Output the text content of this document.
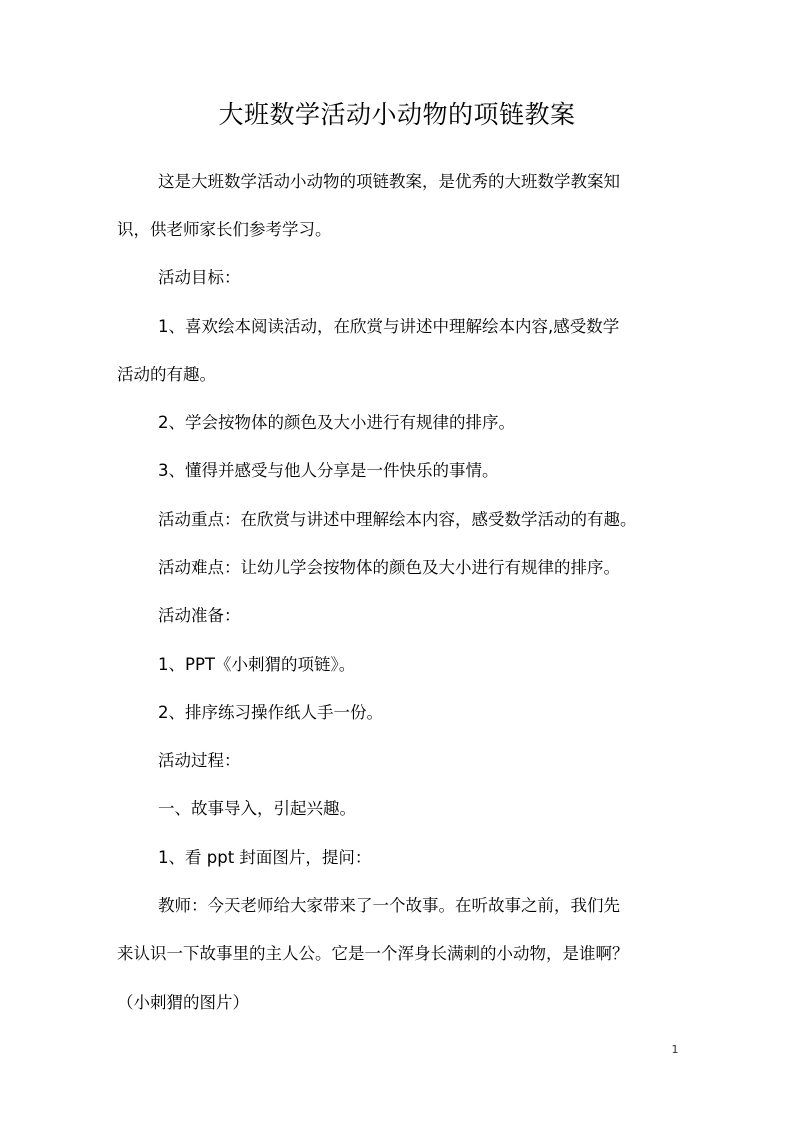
大班数学活动小动物的项链教案
这是大班数学活动小动物的项链教案，是优秀的大班数学教案知
识，供老师家长们参考学习。
活动目标：
1、喜欢绘本阅读活动，在欣赏与讲述中理解绘本内容,感受数学
活动的有趣。
2、学会按物体的颜色及大小进行有规律的排序。
3、懂得并感受与他人分享是一件快乐的事情。
活动重点：在欣赏与讲述中理解绘本内容，感受数学活动的有趣。
活动难点：让幼儿学会按物体的颜色及大小进行有规律的排序。
活动准备：
1、PPT《小刺猬的项链》。
2、排序练习操作纸人手一份。
活动过程：
一、故事导入，引起兴趣。
1、看 ppt 封面图片，提问：
教师：今天老师给大家带来了一个故事。在听故事之前，我们先
来认识一下故事里的主人公。它是一个浑身长满刺的小动物，是谁啊？
（小刺猬的图片）
1
